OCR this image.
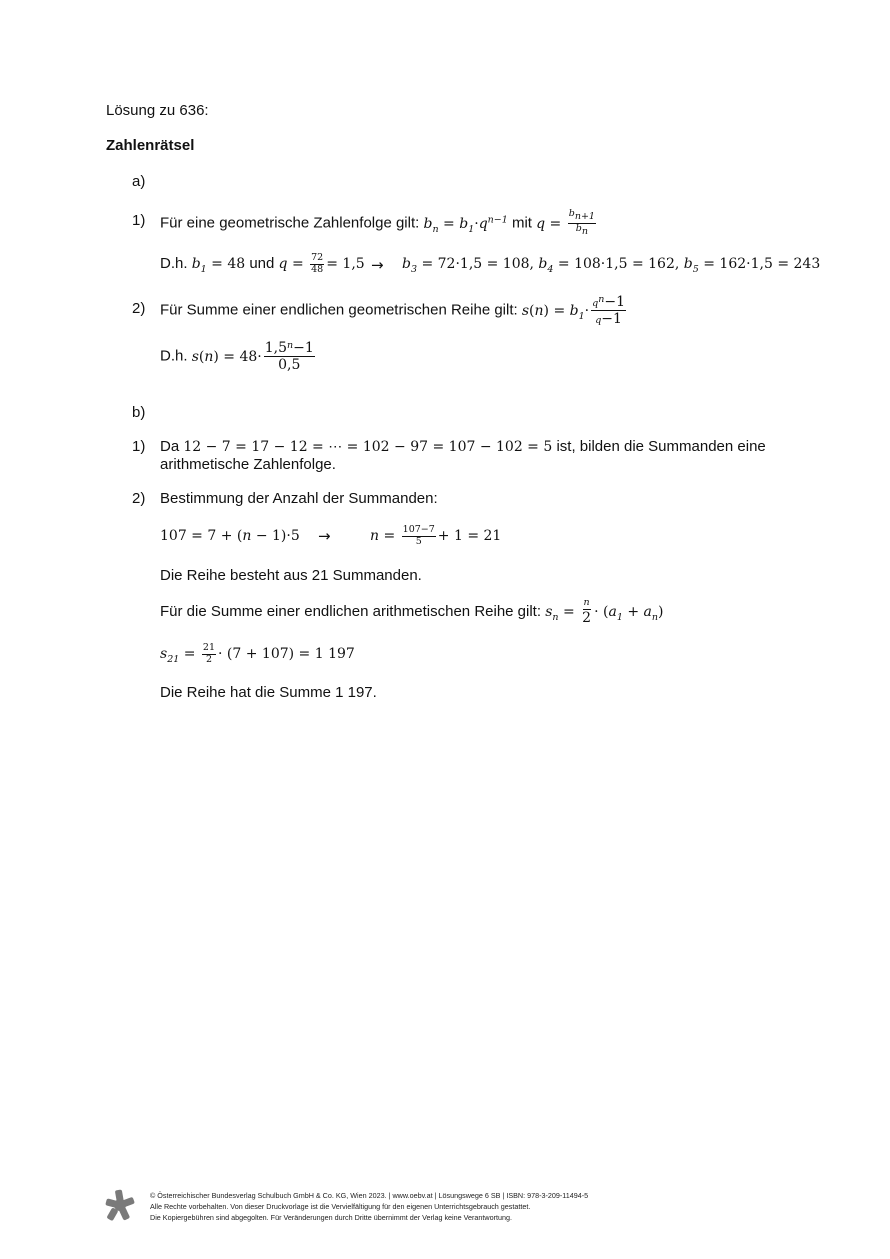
Lösung zu 636:
Zahlenrätsel
a)
1) Für eine geometrische Zahlenfolge gilt: $b_n = b_1\cdot q^{n-1}$ mit $q = \frac{b_{n+1}}{b_n}$
D.h. $b_1 = 48$ und $q = \frac{72}{48} = 1,5 \to b_3 = 72\cdot 1,5 = 108$, $b_4 = 108\cdot 1,5 = 162$, $b_5 = 162\cdot 1,5 = 243$
2) Für Summe einer endlichen geometrischen Reihe gilt: $s(n) = b_1\cdot \frac{q^n-1}{q-1}$
D.h. $s(n) = 48\cdot \frac{1,5^n-1}{0,5}$
b)
1) Da 12 − 7 = 17 − 12 = ⋯ = 102 − 97 = 107 − 102 = 5 ist, bilden die Summanden eine
arithmetische Zahlenfolge.
2) Bestimmung der Anzahl der Summanden:
107 = 7 + (n − 1)·5 →	$n = \frac{107-7}{5} + 1 = 21$
Die Reihe besteht aus 21 Summanden.
Für die Summe einer endlichen arithmetischen Reihe gilt: $s_n = \frac{n}{2} \cdot (a_1 + a_n)$
$s_{21} = \frac{21}{2} \cdot (7 + 107) = 1$ 197
Die Reihe hat die Summe 1 197.
© Österreichischer Bundesverlag Schulbuch GmbH & Co. KG, Wien 2023. | www.oebv.at | Lösungswege 6 SB | ISBN: 978-3-209-11494-5
Alle Rechte vorbehalten. Von dieser Druckvorlage ist die Vervielfältigung für den eigenen Unterrichtsgebrauch gestattet.
Die Kopiergebühren sind abgegolten. Für Veränderungen durch Dritte übernimmt der Verlag keine Verantwortung.
